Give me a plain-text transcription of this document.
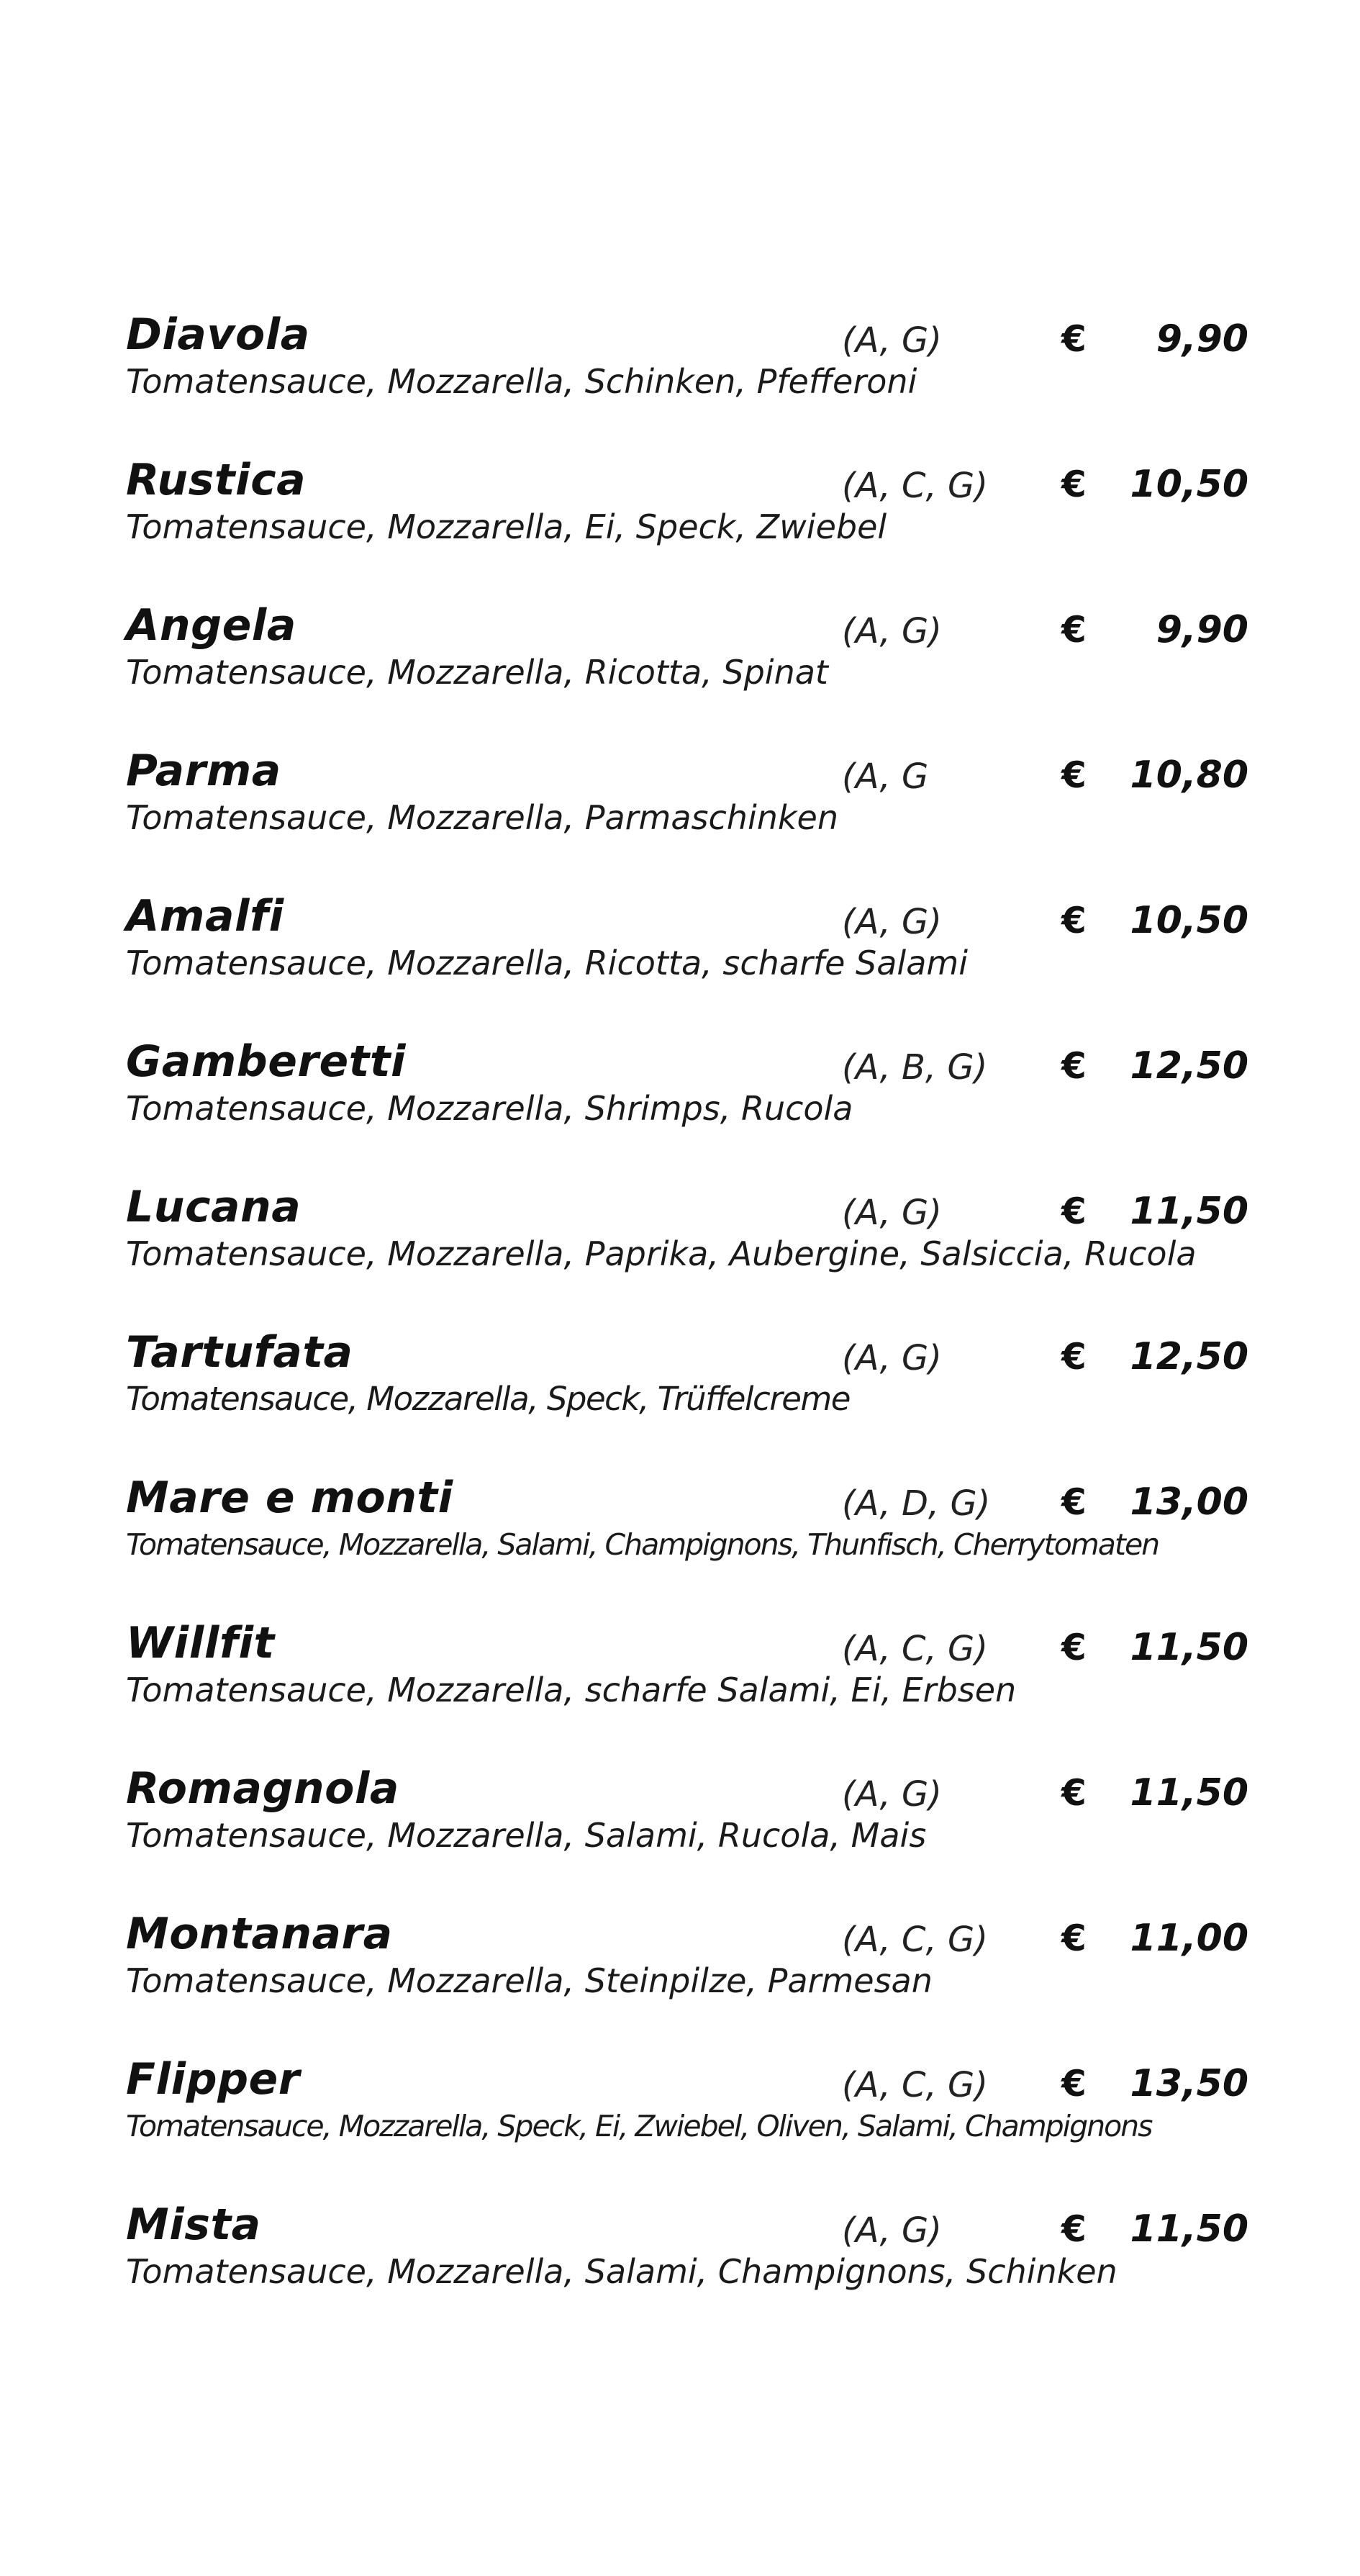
Diavola	(A, G)	€	9,90
Tomatensauce, Mozzarella, Schinken, Pfefferoni
Rustica	(A, C, G) €	10,50
Tomatensauce, Mozzarella, Ei, Speck, Zwiebel
Angela	(A, G)	€	9,90
Tomatensauce, Mozzarella, Ricotta, Spinat
Parma	(A, G	€	10,80
Tomatensauce, Mozzarella, Parmaschinken
Amalfi	(A, G)	€	10,50
Tomatensauce, Mozzarella, Ricotta, scharfe Salami
Gamberetti	(A, B, G) €	12,50
Tomatensauce, Mozzarella, Shrimps, Rucola
Lucana	(A, G)	€	11,50
Tomatensauce, Mozzarella, Paprika, Aubergine, Salsiccia, Rucola
Tartufata	(A, G)	€	12,50
Tomatensauce, Mozzarella, Speck, Trüffelcreme
Mare e monti	(A, D, G) €	13,00
Tomatensauce, Mozzarella, Salami, Champignons, Thunfisch, Cherrytomaten
Willfit	(A, C, G) €	11,50
Tomatensauce, Mozzarella, scharfe Salami, Ei, Erbsen
Romagnola	(A, G)	€	11,50
Tomatensauce, Mozzarella, Salami, Rucola, Mais
Montanara	(A, C, G) €	11,00
Tomatensauce, Mozzarella, Steinpilze, Parmesan
Flipper	(A, C, G) €	13,50
Tomatensauce, Mozzarella, Speck, Ei, Zwiebel, Oliven, Salami, Champignons
Mista	(A, G)	€	11,50
Tomatensauce, Mozzarella, Salami, Champignons, Schinken
